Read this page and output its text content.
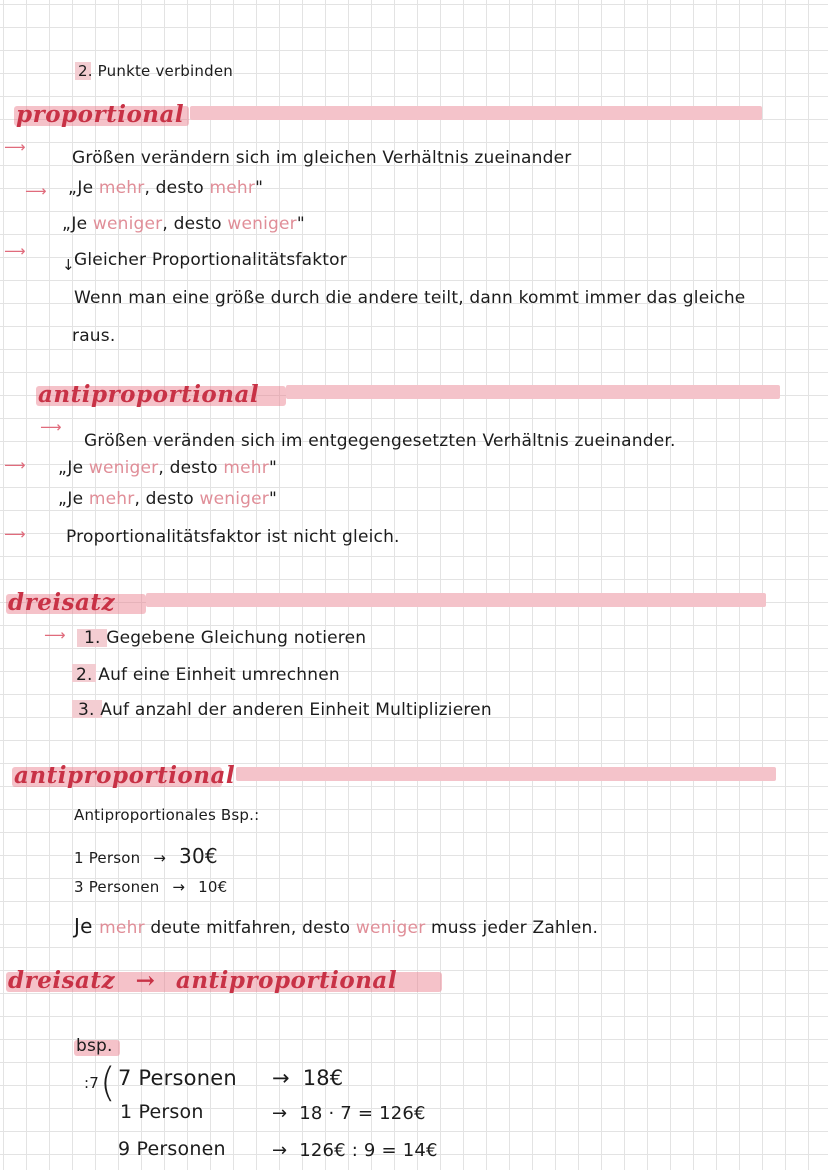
2. Punkte verbinden
proportional
⟶
Größen verändern sich im gleichen Verhältnis zueinander
⟶ „Je mehr, desto mehr"
„Je weniger, desto weniger"
⟶
↓ Gleicher Proportionalitätsfaktor
Wenn man eine größe durch die andere teilt, dann kommt immer das gleiche
raus.
antiproportional
⟶
Größen veränden sich im entgegengesetzten Verhältnis zueinander.
⟶ „Je weniger, desto mehr"
„Je mehr, desto weniger"
⟶ Proportionalitätsfaktor ist nicht gleich.
dreisatz
⟶ 1. Gegebene Gleichung notieren
2. Auf eine Einheit umrechnen
3. Auf anzahl der anderen Einheit Multiplizieren
antiproportional
Antiproportionales Bsp.:
1 Person → 30€
3 Personen → 10€
Je mehr deute mitfahren, desto weniger muss jeder Zahlen.
dreisatz → antiproportional
bsp.
:7 ( 7 Personen → 18€
1 Person	→ 18 · 7 = 126€
9 Personen	→ 126€ : 9 = 14€
